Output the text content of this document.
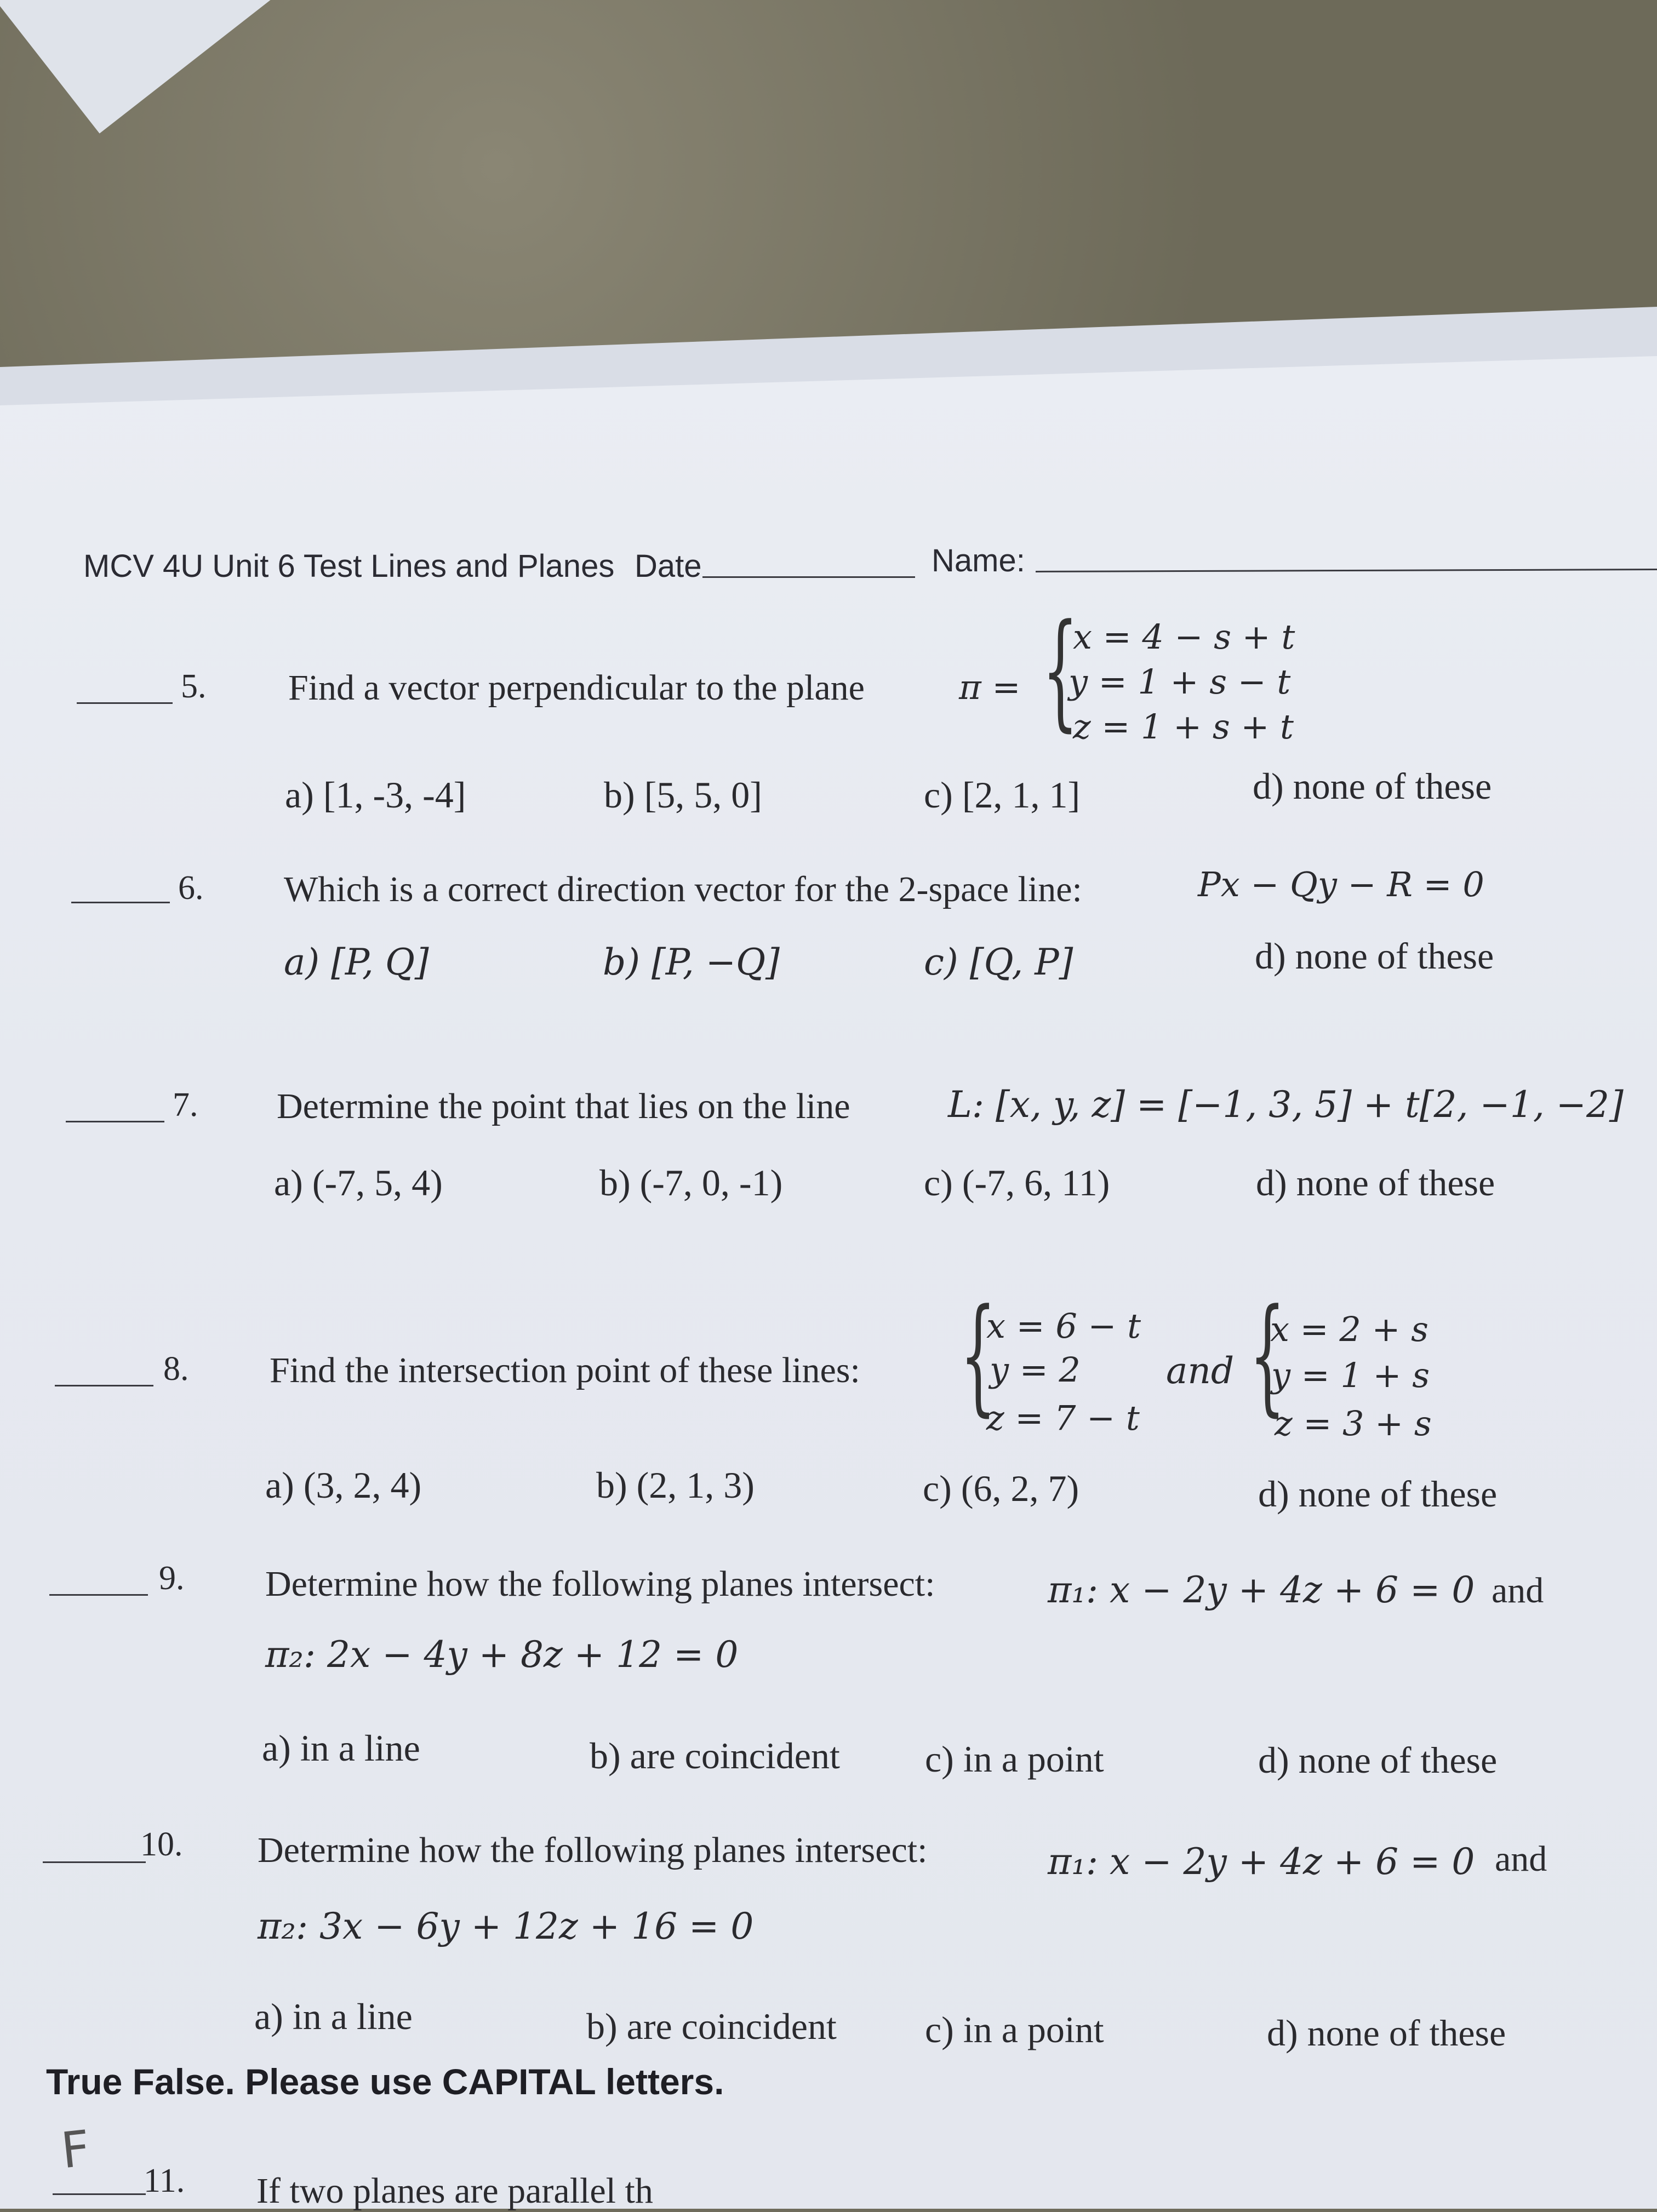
MCV 4U Unit 6 Test Lines and Planes Date	Name:
5. Find a vector perpendicular to the plane	π = {
x = 4 − s + t
y = 1 + s − t
z = 1 + s + t
a) [1, -3, -4]	b) [5, 5, 0]	c) [2, 1, 1]	d) none of these
6. Which is a correct direction vector for the 2-space line:	Px − Qy − R = 0
a) [P, Q]	b) [P, −Q]	c) [Q, P]	d) none of these
7. Determine the point that lies on the line	L: [x, y, z] = [−1, 3, 5] + t[2, −1, −2]
a) (-7, 5, 4)	b) (-7, 0, -1)	c) (-7, 6, 11)	d) none of these
8. Find the intersection point of these lines: {
x = 6 − t
y = 2
z = 7 − t
and {
x = 2 + s
y = 1 + s
z = 3 + s
a) (3, 2, 4)	b) (2, 1, 3)	c) (6, 2, 7)	d) none of these
9. Determine how the following planes intersect:	π₁: x − 2y + 4z + 6 = 0 and
π₂: 2x − 4y + 8z + 12 = 0
a) in a line	b) are coincident c) in a point	d) none of these
10. Determine how the following planes intersect:	π₁: x − 2y + 4z + 6 = 0 and
π₂: 3x − 6y + 12z + 16 = 0
a) in a line	b) are coincident c) in a point	d) none of these
True False. Please use CAPITAL letters.
F
11. If two planes are parallel th
